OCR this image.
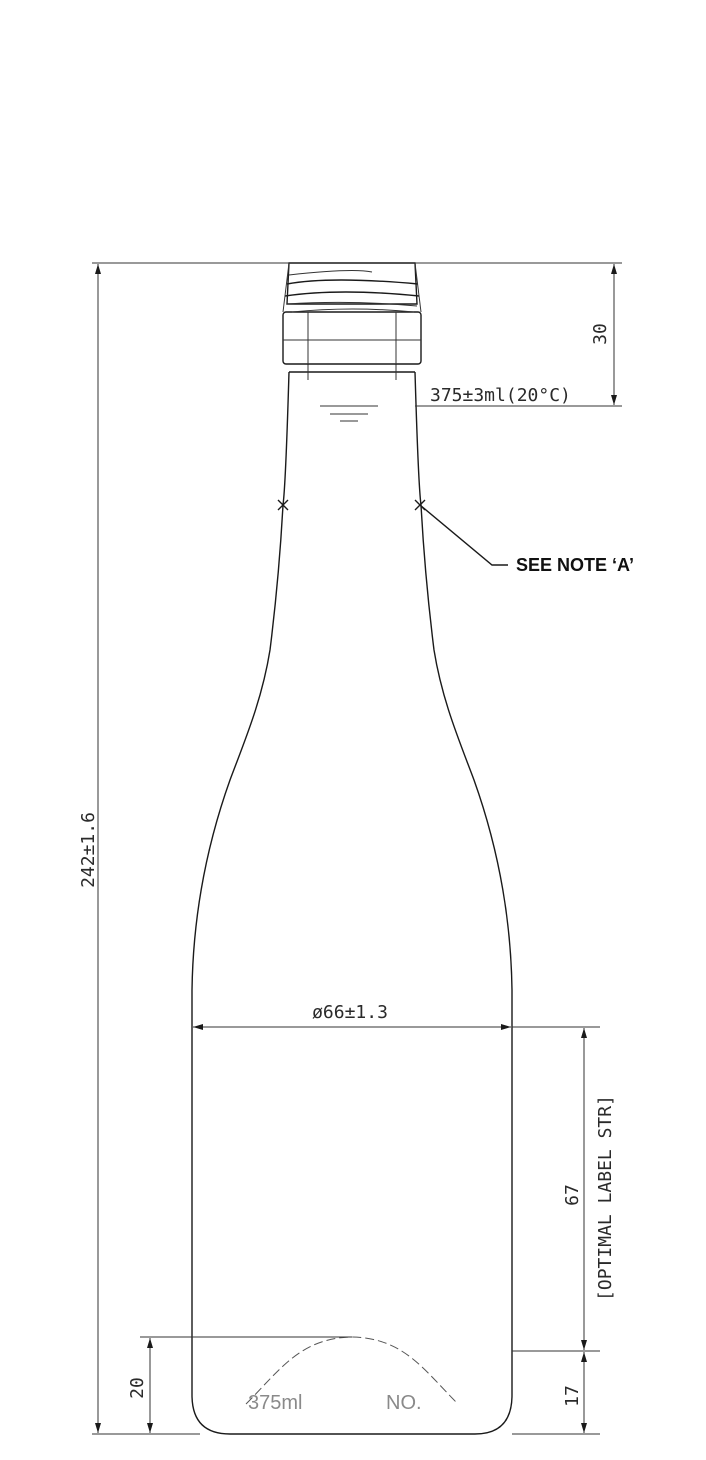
SEE NOTE ‘A’
242±1.6
30
375±3ml(20°C)
ø66±1.3
67 [OPTIMAL LABEL STR]
17
20
375ml	NO.
